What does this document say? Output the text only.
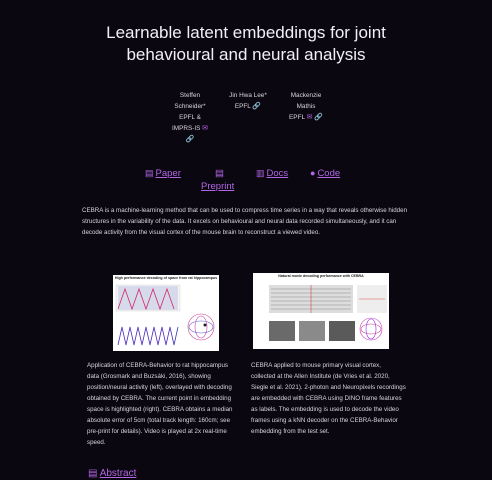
Learnable latent embeddings for joint
behavioural and neural analysis
Steffen
Schneider*
EPFL &
IMPRS-IS ✉
🔗
Jin Hwa Lee*
EPFL 🔗
Mackenzie
Mathis
EPFL ✉ 🔗
▤ Paper	▤
Preprint
▥ Docs ● Code
CEBRA is a machine-learning method that can be used to compress time series in a way that reveals otherwise hidden structures in the variability of the data. It excels on behavioural and neural data recorded simultaneously, and it can decode activity from the visual cortex of the mouse brain to reconstruct a viewed video.
High performance decoding of space from rat hippocampus
Application of CEBRA-Behavior to rat hippocampus data (Grosmark and Buzsáki, 2016), showing position/neural activity (left), overlayed with decoding obtained by CEBRA. The current point in embedding space is highlighted (right). CEBRA obtains a median absolute error of 5cm (total track length: 160cm; see pre-print for details). Video is played at 2x real-time speed.
Natural movie decoding performance with CEBRA
CEBRA applied to mouse primary visual cortex, collected at the Allen Institute (de Vries et al. 2020, Siegle et al. 2021). 2-photon and Neuropixels recordings are embedded with CEBRA using DINO frame features as labels. The embedding is used to decode the video frames using a kNN decoder on the CEBRA-Behavior embedding from the test set.
▤ Abstract
